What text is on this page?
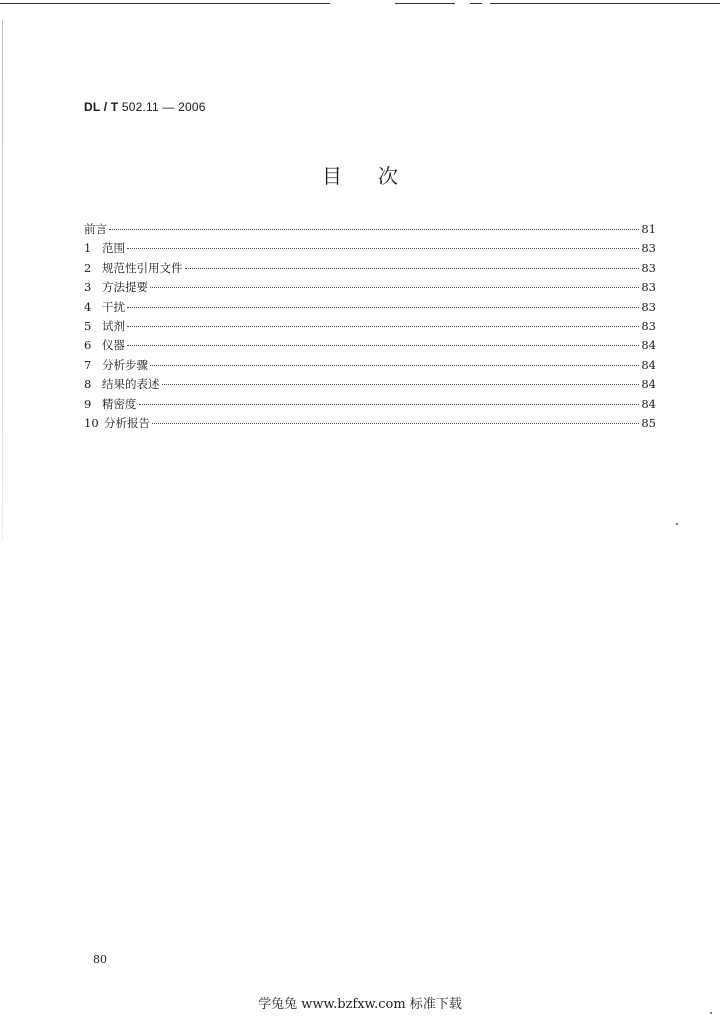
DL / T 502.11 — 2006
目次
前言	81
1 范围	83
2 规范性引用文件	83
3 方法提要	83
4 干扰	83
5 试剂	83
6 仪器	84
7 分析步骤	84
8 结果的表述	84
9 精密度	84
10 分析报告	85
80
学兔兔 www.bzfxw.com 标准下载
